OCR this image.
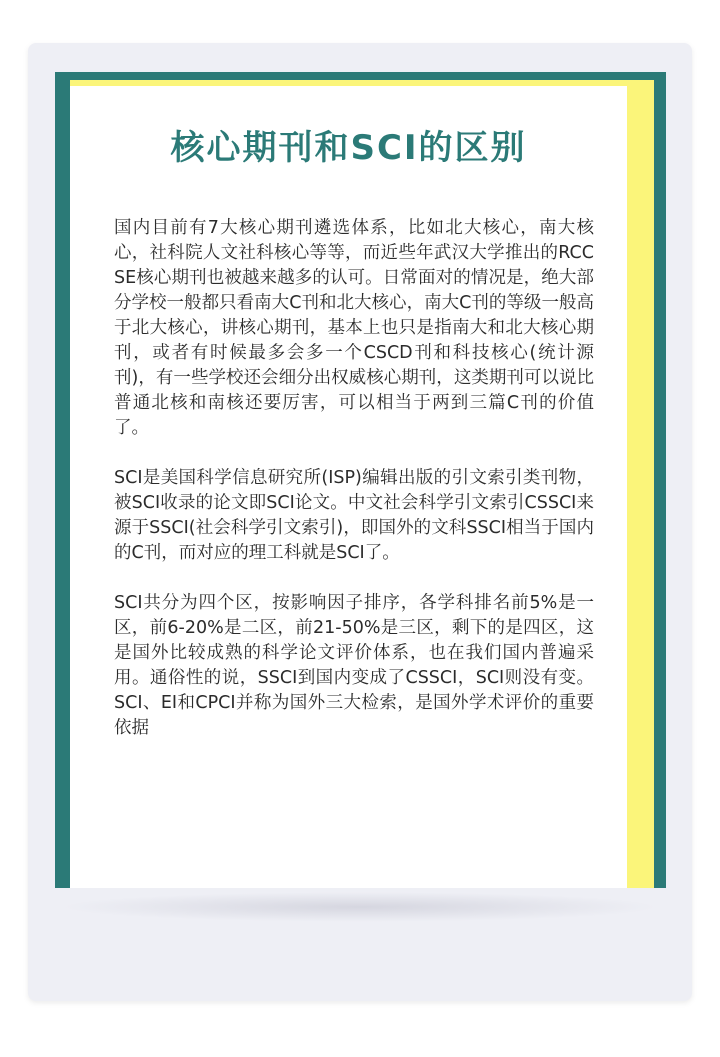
核心期刊和SCI的区别

国内目前有7大核心期刊遴选体系，比如北大核心，南大核心，社科院人文社科核心等等，而近些年武汉大学推出的RCCSE核心期刊也被越来越多的认可。日常面对的情况是，绝大部分学校一般都只看南大C刊和北大核心，南大C刊的等级一般高于北大核心，讲核心期刊，基本上也只是指南大和北大核心期刊，或者有时候最多会多一个CSCD刊和科技核心(统计源刊)，有一些学校还会细分出权威核心期刊，这类期刊可以说比普通北核和南核还要厉害，可以相当于两到三篇C刊的价值了。

SCI是美国科学信息研究所(ISP)编辑出版的引文索引类刊物，被SCI收录的论文即SCI论文。中文社会科学引文索引CSSCI来源于SSCI(社会科学引文索引)，即国外的文科SSCI相当于国内的C刊，而对应的理工科就是SCI了。

SCI共分为四个区，按影响因子排序，各学科排名前5%是一区，前6-20%是二区，前21-50%是三区，剩下的是四区，这是国外比较成熟的科学论文评价体系，也在我们国内普遍采用。通俗性的说，SSCI到国内变成了CSSCI，SCI则没有变。SCI、EI和CPCI并称为国外三大检索，是国外学术评价的重要依据
